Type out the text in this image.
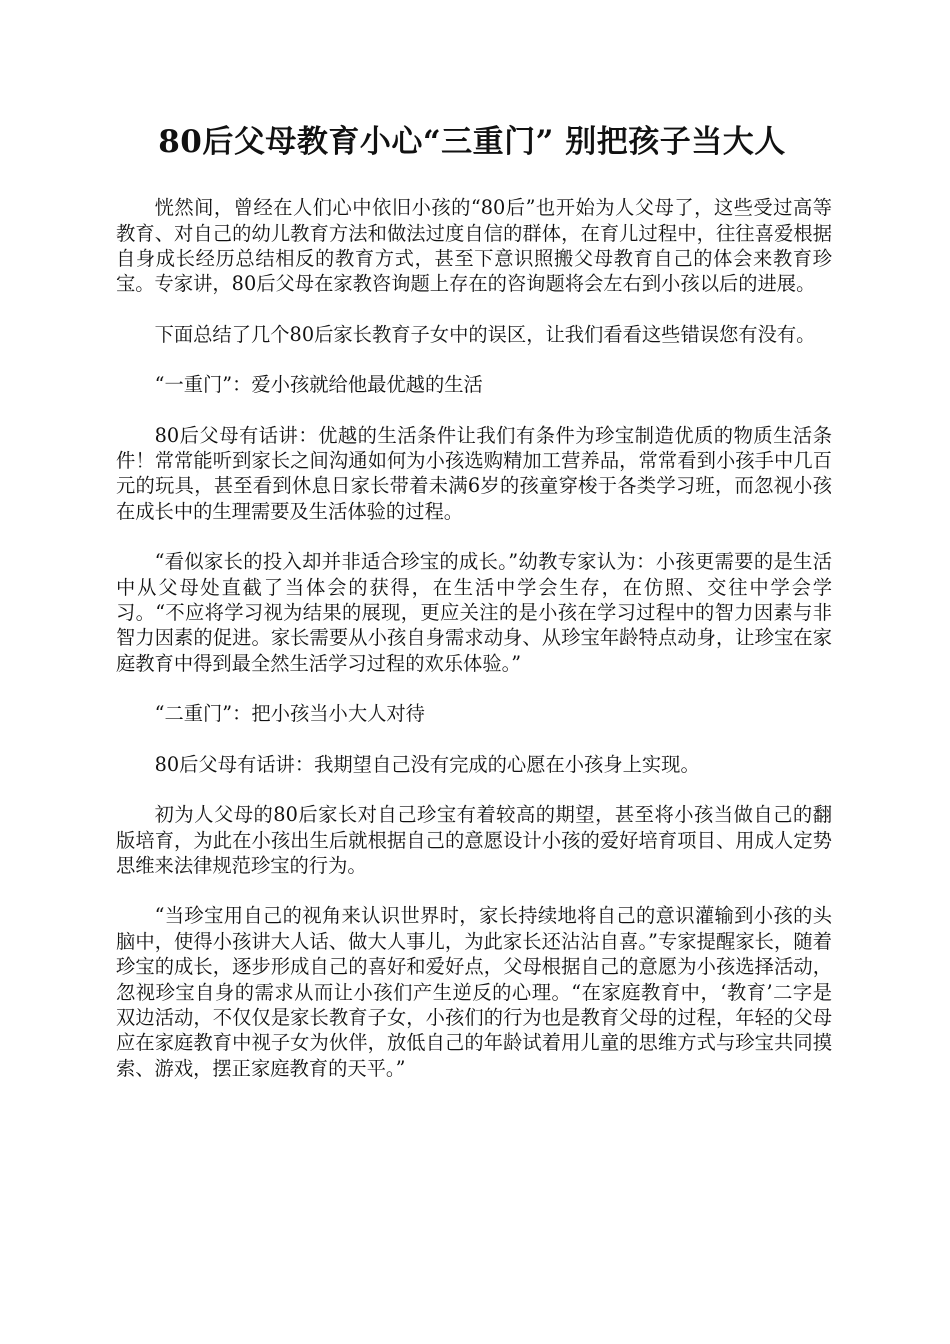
80后父母教育小心“三重门” 别把孩子当大人

恍然间，曾经在人们心中依旧小孩的“80后”也开始为人父母了，这些受过高等教育、对自己的幼儿教育方法和做法过度自信的群体，在育儿过程中，往往喜爱根据自身成长经历总结相反的教育方式，甚至下意识照搬父母教育自己的体会来教育珍宝。专家讲，80后父母在家教咨询题上存在的咨询题将会左右到小孩以后的进展。

下面总结了几个80后家长教育子女中的误区，让我们看看这些错误您有没有。

“一重门”：爱小孩就给他最优越的生活

80后父母有话讲：优越的生活条件让我们有条件为珍宝制造优质的物质生活条件！常常能听到家长之间沟通如何为小孩选购精加工营养品，常常看到小孩手中几百元的玩具，甚至看到休息日家长带着未满6岁的孩童穿梭于各类学习班，而忽视小孩在成长中的生理需要及生活体验的过程。

“看似家长的投入却并非适合珍宝的成长。”幼教专家认为：小孩更需要的是生活中从父母处直截了当体会的获得，在生活中学会生存，在仿照、交往中学会学习。“不应将学习视为结果的展现，更应关注的是小孩在学习过程中的智力因素与非智力因素的促进。家长需要从小孩自身需求动身、从珍宝年龄特点动身，让珍宝在家庭教育中得到最全然生活学习过程的欢乐体验。”

“二重门”：把小孩当小大人对待

80后父母有话讲：我期望自己没有完成的心愿在小孩身上实现。

初为人父母的80后家长对自己珍宝有着较高的期望，甚至将小孩当做自己的翻版培育，为此在小孩出生后就根据自己的意愿设计小孩的爱好培育项目、用成人定势思维来法律规范珍宝的行为。

“当珍宝用自己的视角来认识世界时，家长持续地将自己的意识灌输到小孩的头脑中，使得小孩讲大人话、做大人事儿，为此家长还沾沾自喜。”专家提醒家长，随着珍宝的成长，逐步形成自己的喜好和爱好点，父母根据自己的意愿为小孩选择活动，忽视珍宝自身的需求从而让小孩们产生逆反的心理。“在家庭教育中，‘教育’二字是双边活动，不仅仅是家长教育子女，小孩们的行为也是教育父母的过程，年轻的父母应在家庭教育中视子女为伙伴，放低自己的年龄试着用儿童的思维方式与珍宝共同摸索、游戏，摆正家庭教育的天平。”
